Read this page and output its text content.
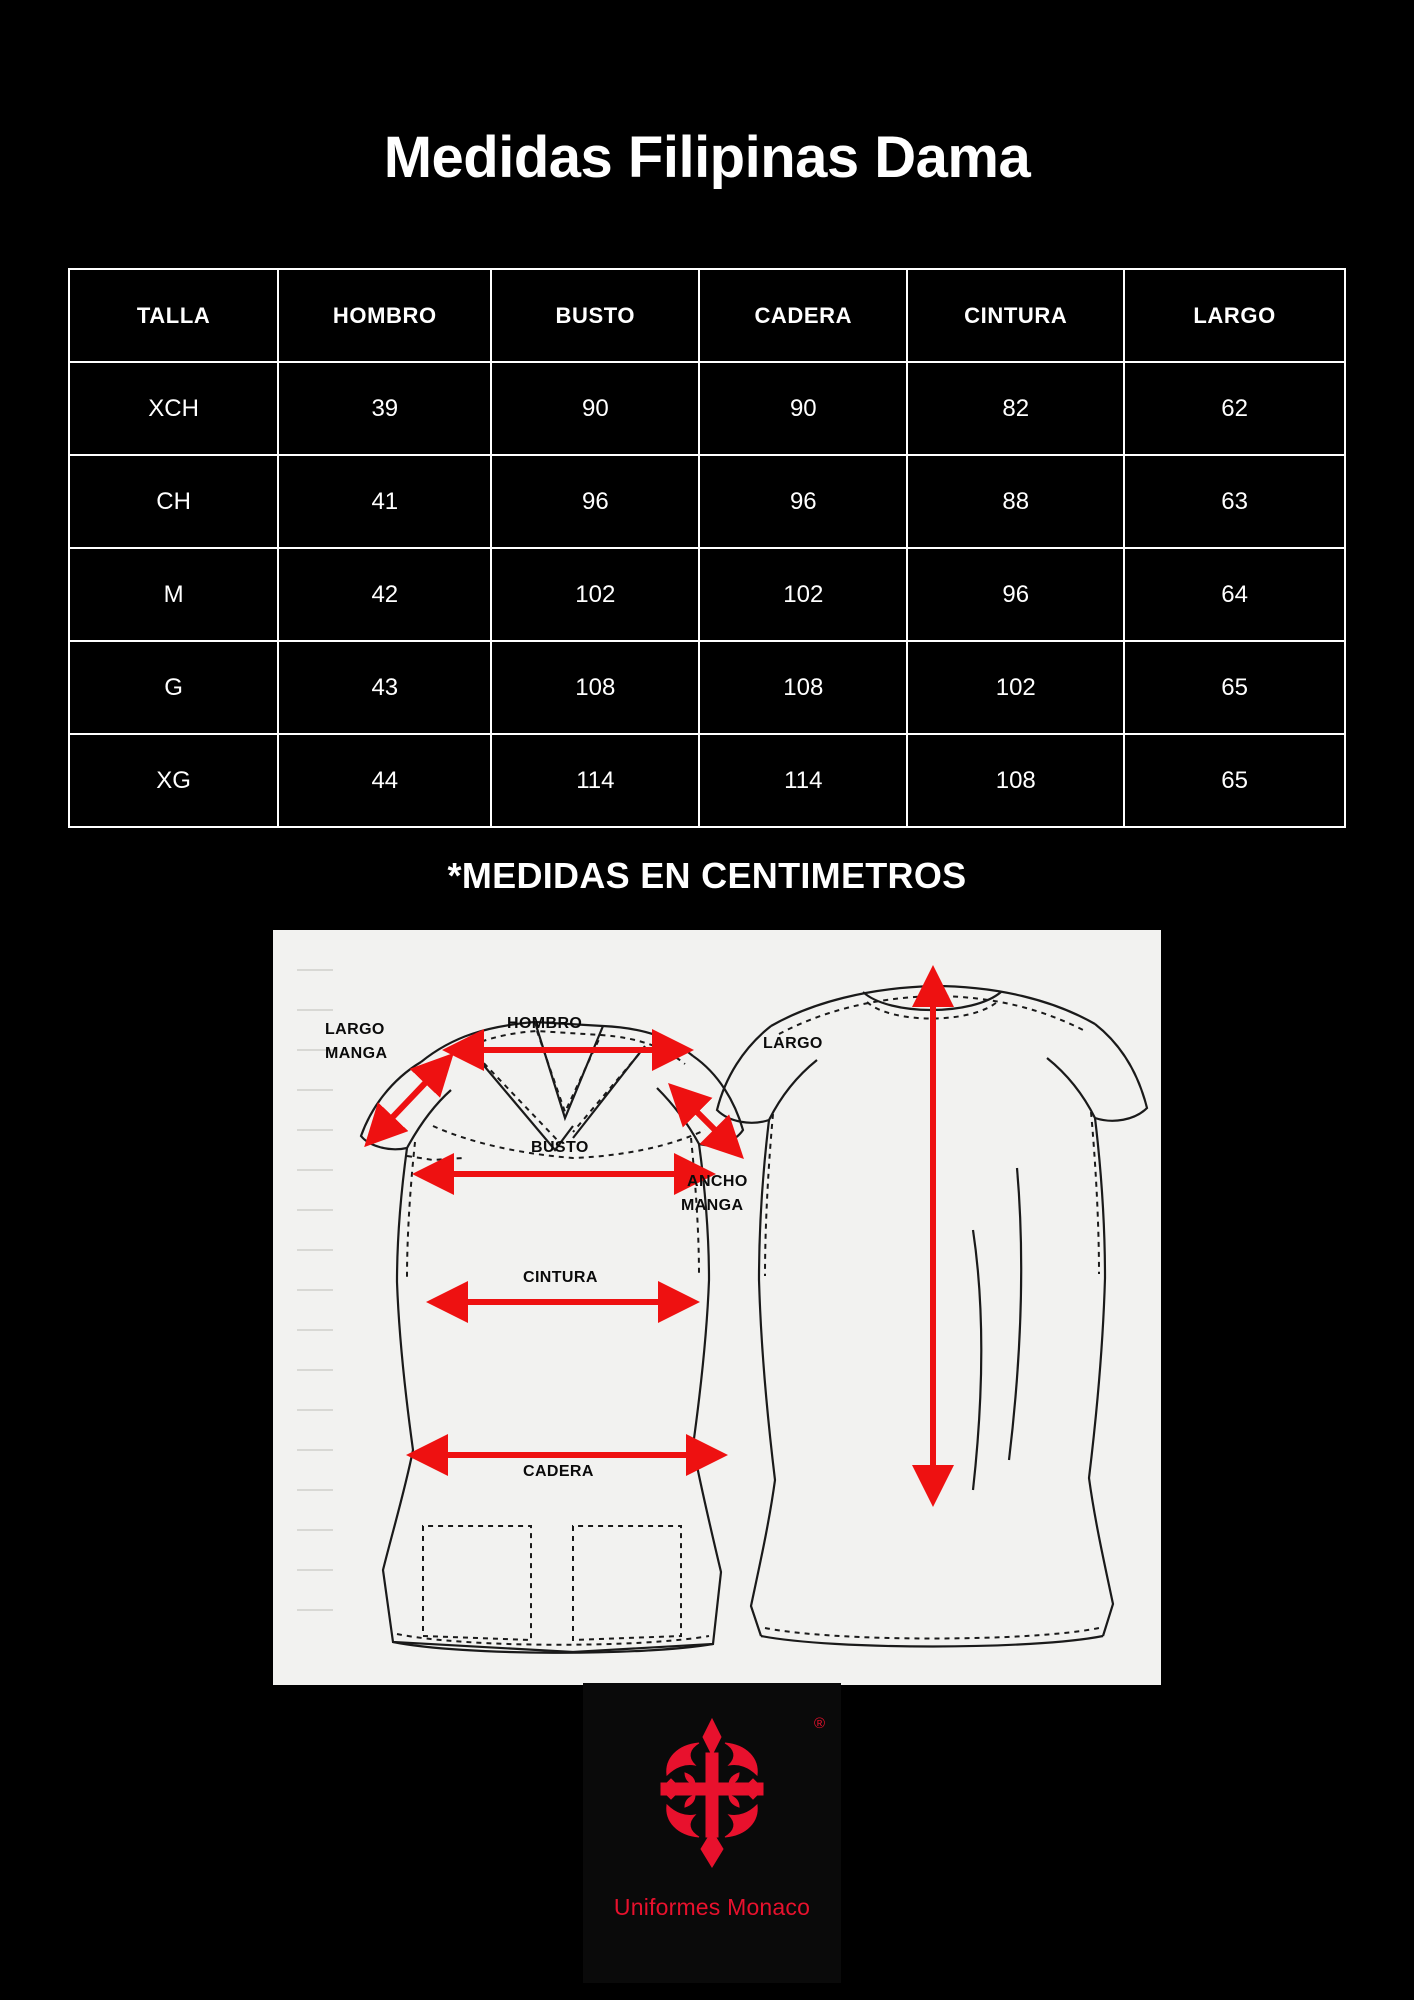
Medidas Filipinas Dama
TALLA	HOMBRO	BUSTO	CADERA	CINTURA	LARGO
XCH	39	90	90	82	62
CH	41	96	96	88	63
M	42	102	102	96	64
G	43	108	108	102	65
XG	44	114	114	108	65
*MEDIDAS EN CENTIMETROS
LARGO
MANGA
HOMBRO
BUSTO
ANCHO
MANGA
CINTURA
CADERA
LARGO
®
Uniformes Monaco
